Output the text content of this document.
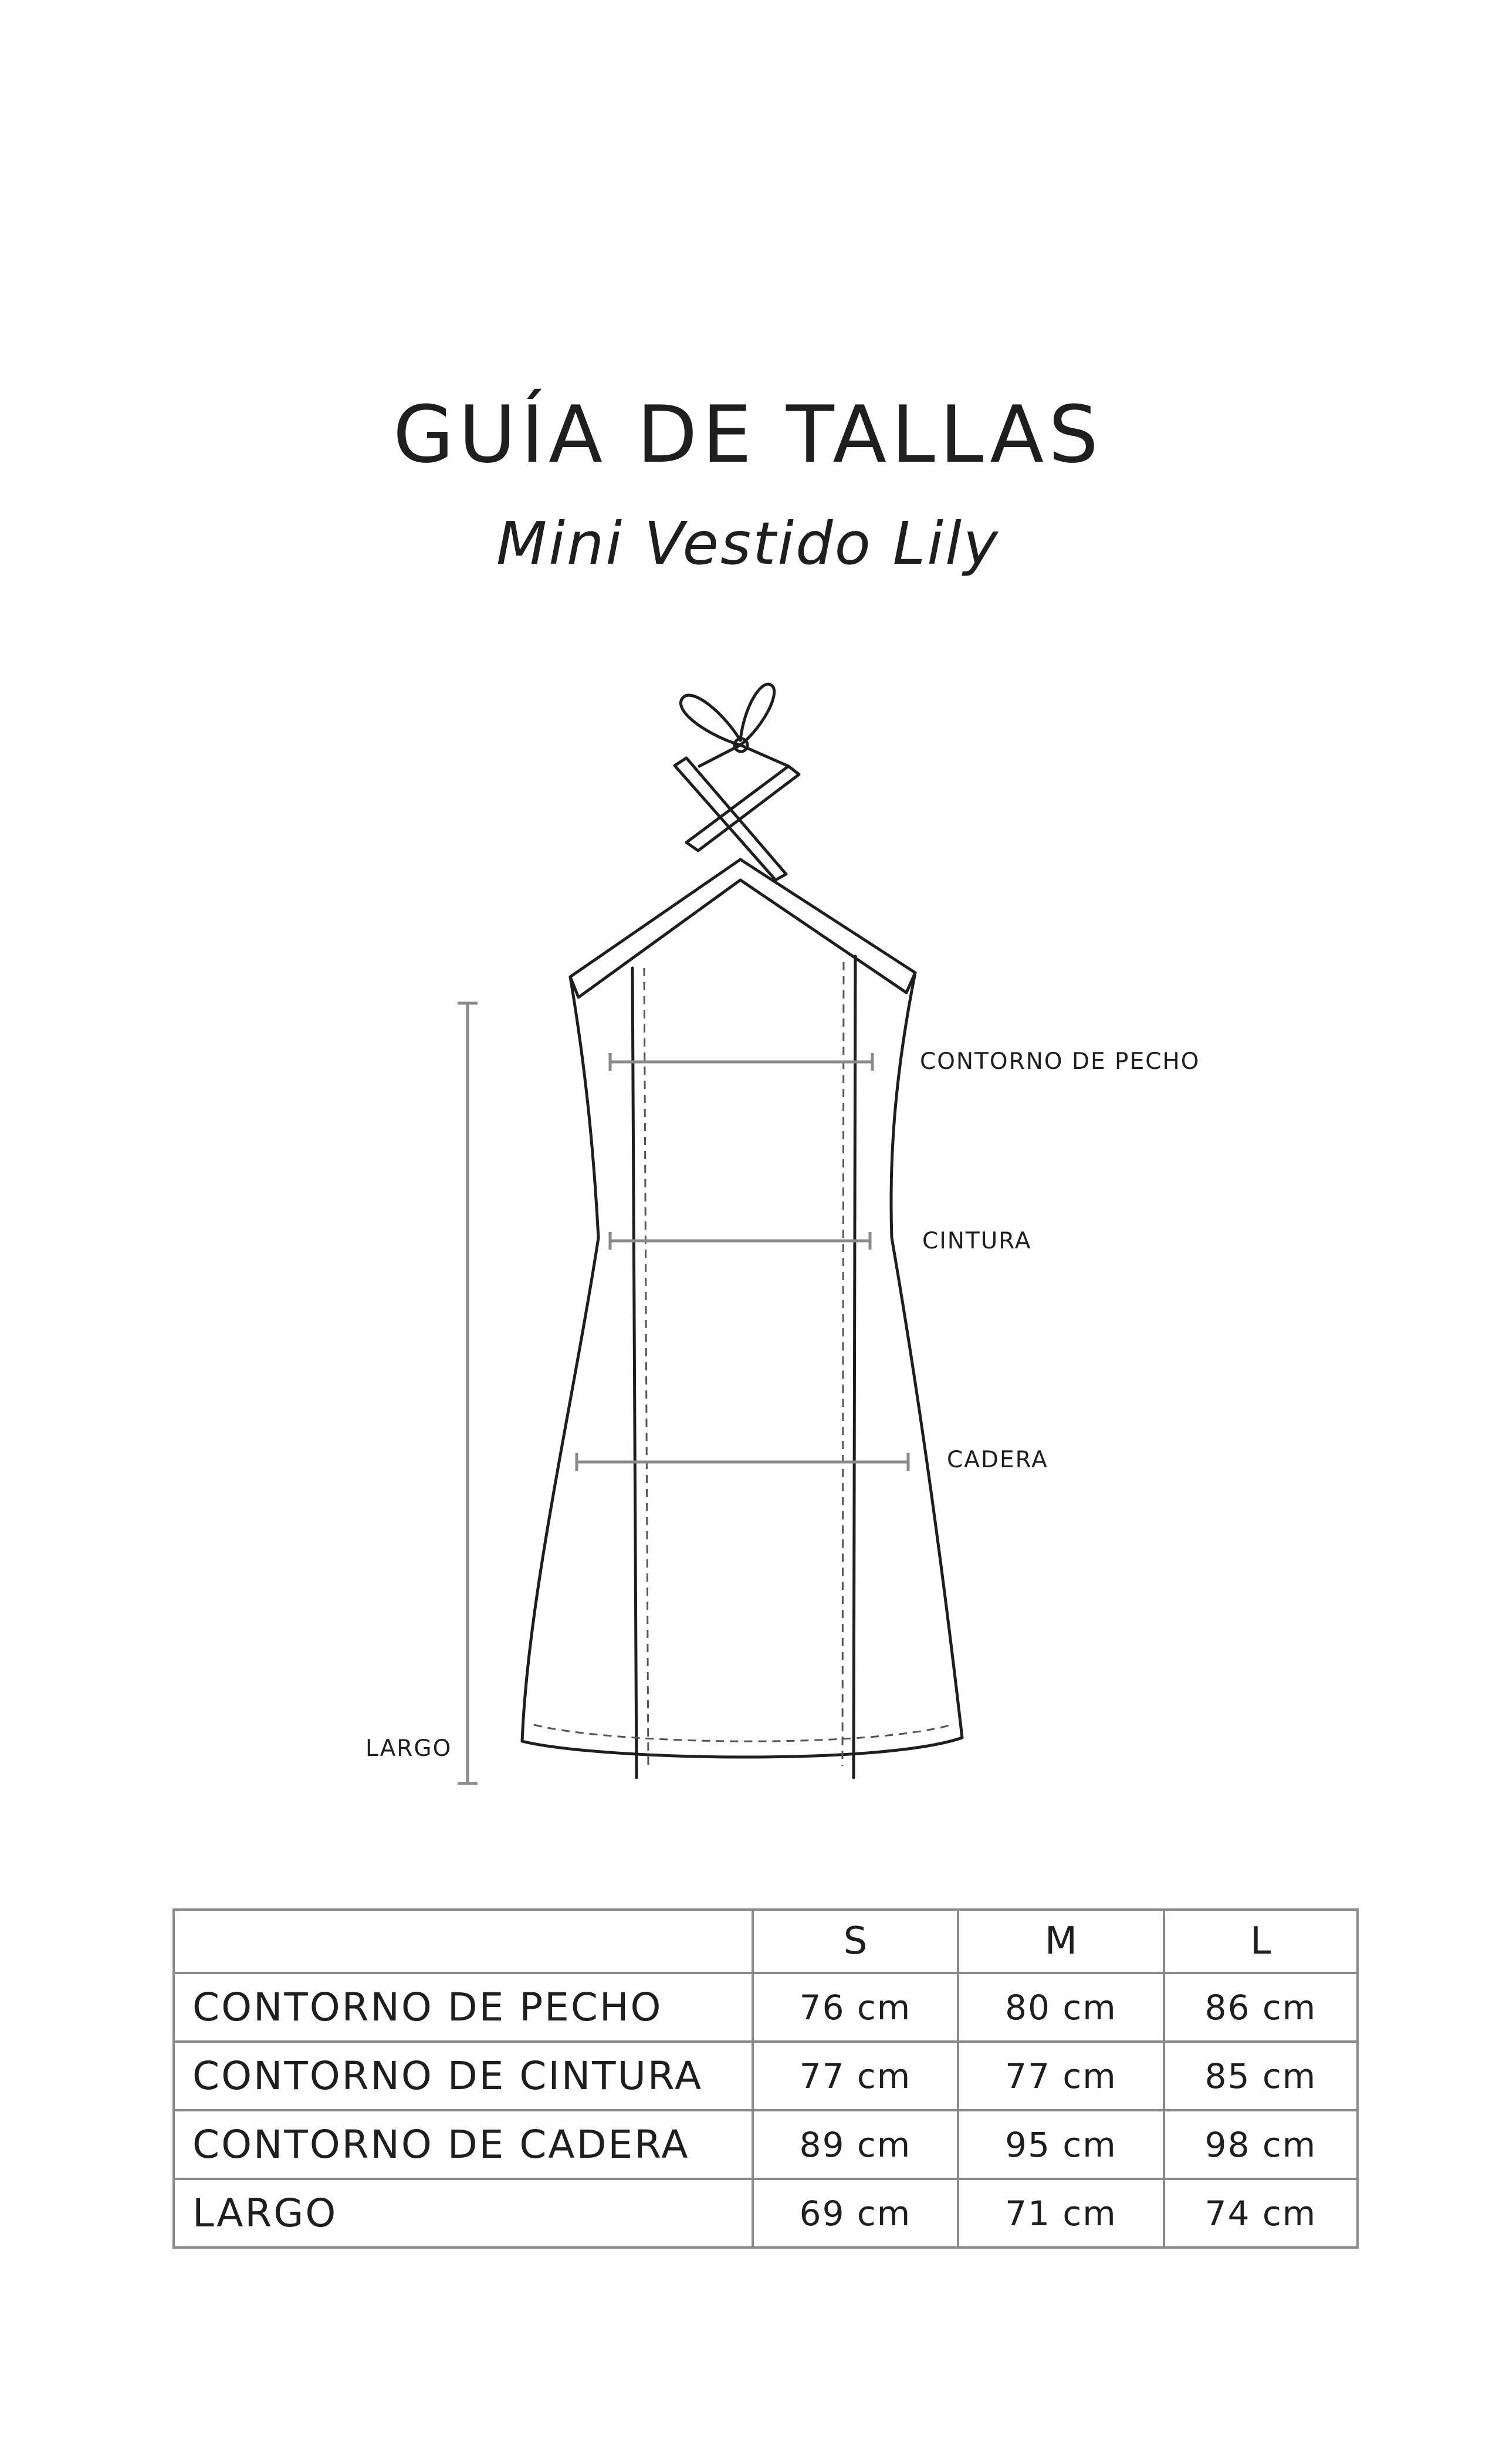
GUÍA DE TALLAS
Mini Vestido Lily
CONTORNO DE PECHO
CINTURA
CADERA
LARGO
	S	M	L
CONTORNO DE PECHO	76 cm	80 cm	86 cm
CONTORNO DE CINTURA	77 cm	77 cm	85 cm
CONTORNO DE CADERA	89 cm	95 cm	98 cm
LARGO	69 cm	71 cm	74 cm
